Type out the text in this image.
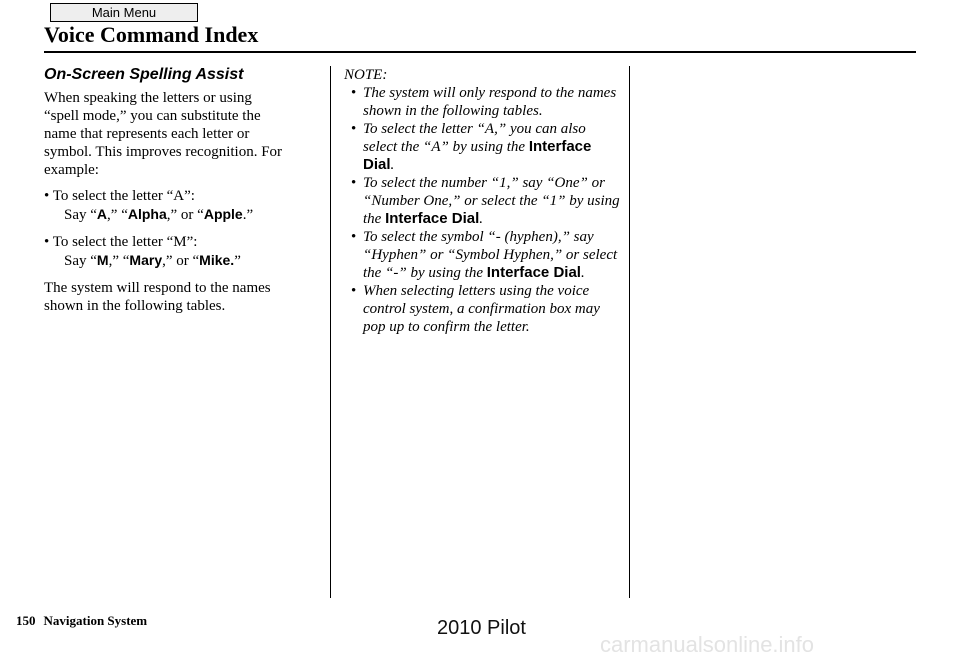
Main Menu
Voice Command Index
On-Screen Spelling Assist

When speaking the letters or using

“spell mode,” you can substitute the

name that represents each letter or

symbol. This improves recognition. For

example:

• To select the letter “A”:
Say “A,” “Alpha,” or “Apple.”
• To select the letter “M”:
Say “M,” “Mary,” or “Mike.”

The system will respond to the names

shown in the following tables.

NOTE:
• The system will only respond to the names shown in the following tables.
• To select the letter “A,” you can also select the “A” by using the Interface Dial.
• To select the number “1,” say “One” or “Number One,” or select the “1” by using the Interface Dial.
• To select the symbol “- (hyphen),” say “Hyphen” or “Symbol Hyphen,” or select the “-” by using the Interface Dial.
• When selecting letters using the voice control system, a confirmation box may pop up to confirm the letter.
150 Navigation System	2010 Pilot
carmanualsonline.info
